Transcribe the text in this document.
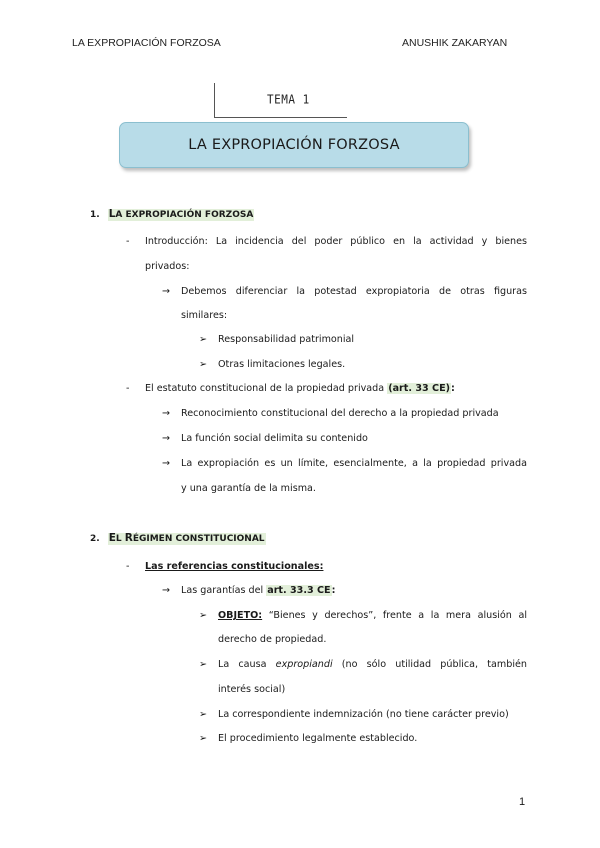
LA EXPROPIACIÓN FORZOSA	ANUSHIK ZAKARYAN
TEMA 1
LA EXPROPIACIÓN FORZOSA
1. LA EXPROPIACIÓN FORZOSA
- Introducción: La incidencia del poder público en la actividad y bienes
privados:
→ Debemos diferenciar la potestad expropiatoria de otras figuras
similares:
➢ Responsabilidad patrimonial
➢ Otras limitaciones legales.
- El estatuto constitucional de la propiedad privada (art. 33 CE):
→ Reconocimiento constitucional del derecho a la propiedad privada
→ La función social delimita su contenido
→ La expropiación es un límite, esencialmente, a la propiedad privada
y una garantía de la misma.
2. EL RÉGIMEN CONSTITUCIONAL
- Las referencias constitucionales:
→ Las garantías del art. 33.3 CE:
➢ OBJETO: “Bienes y derechos”, frente a la mera alusión al
derecho de propiedad.
➢ La causa expropiandi (no sólo utilidad pública, también
interés social)
➢ La correspondiente indemnización (no tiene carácter previo)
➢ El procedimiento legalmente establecido.
1
